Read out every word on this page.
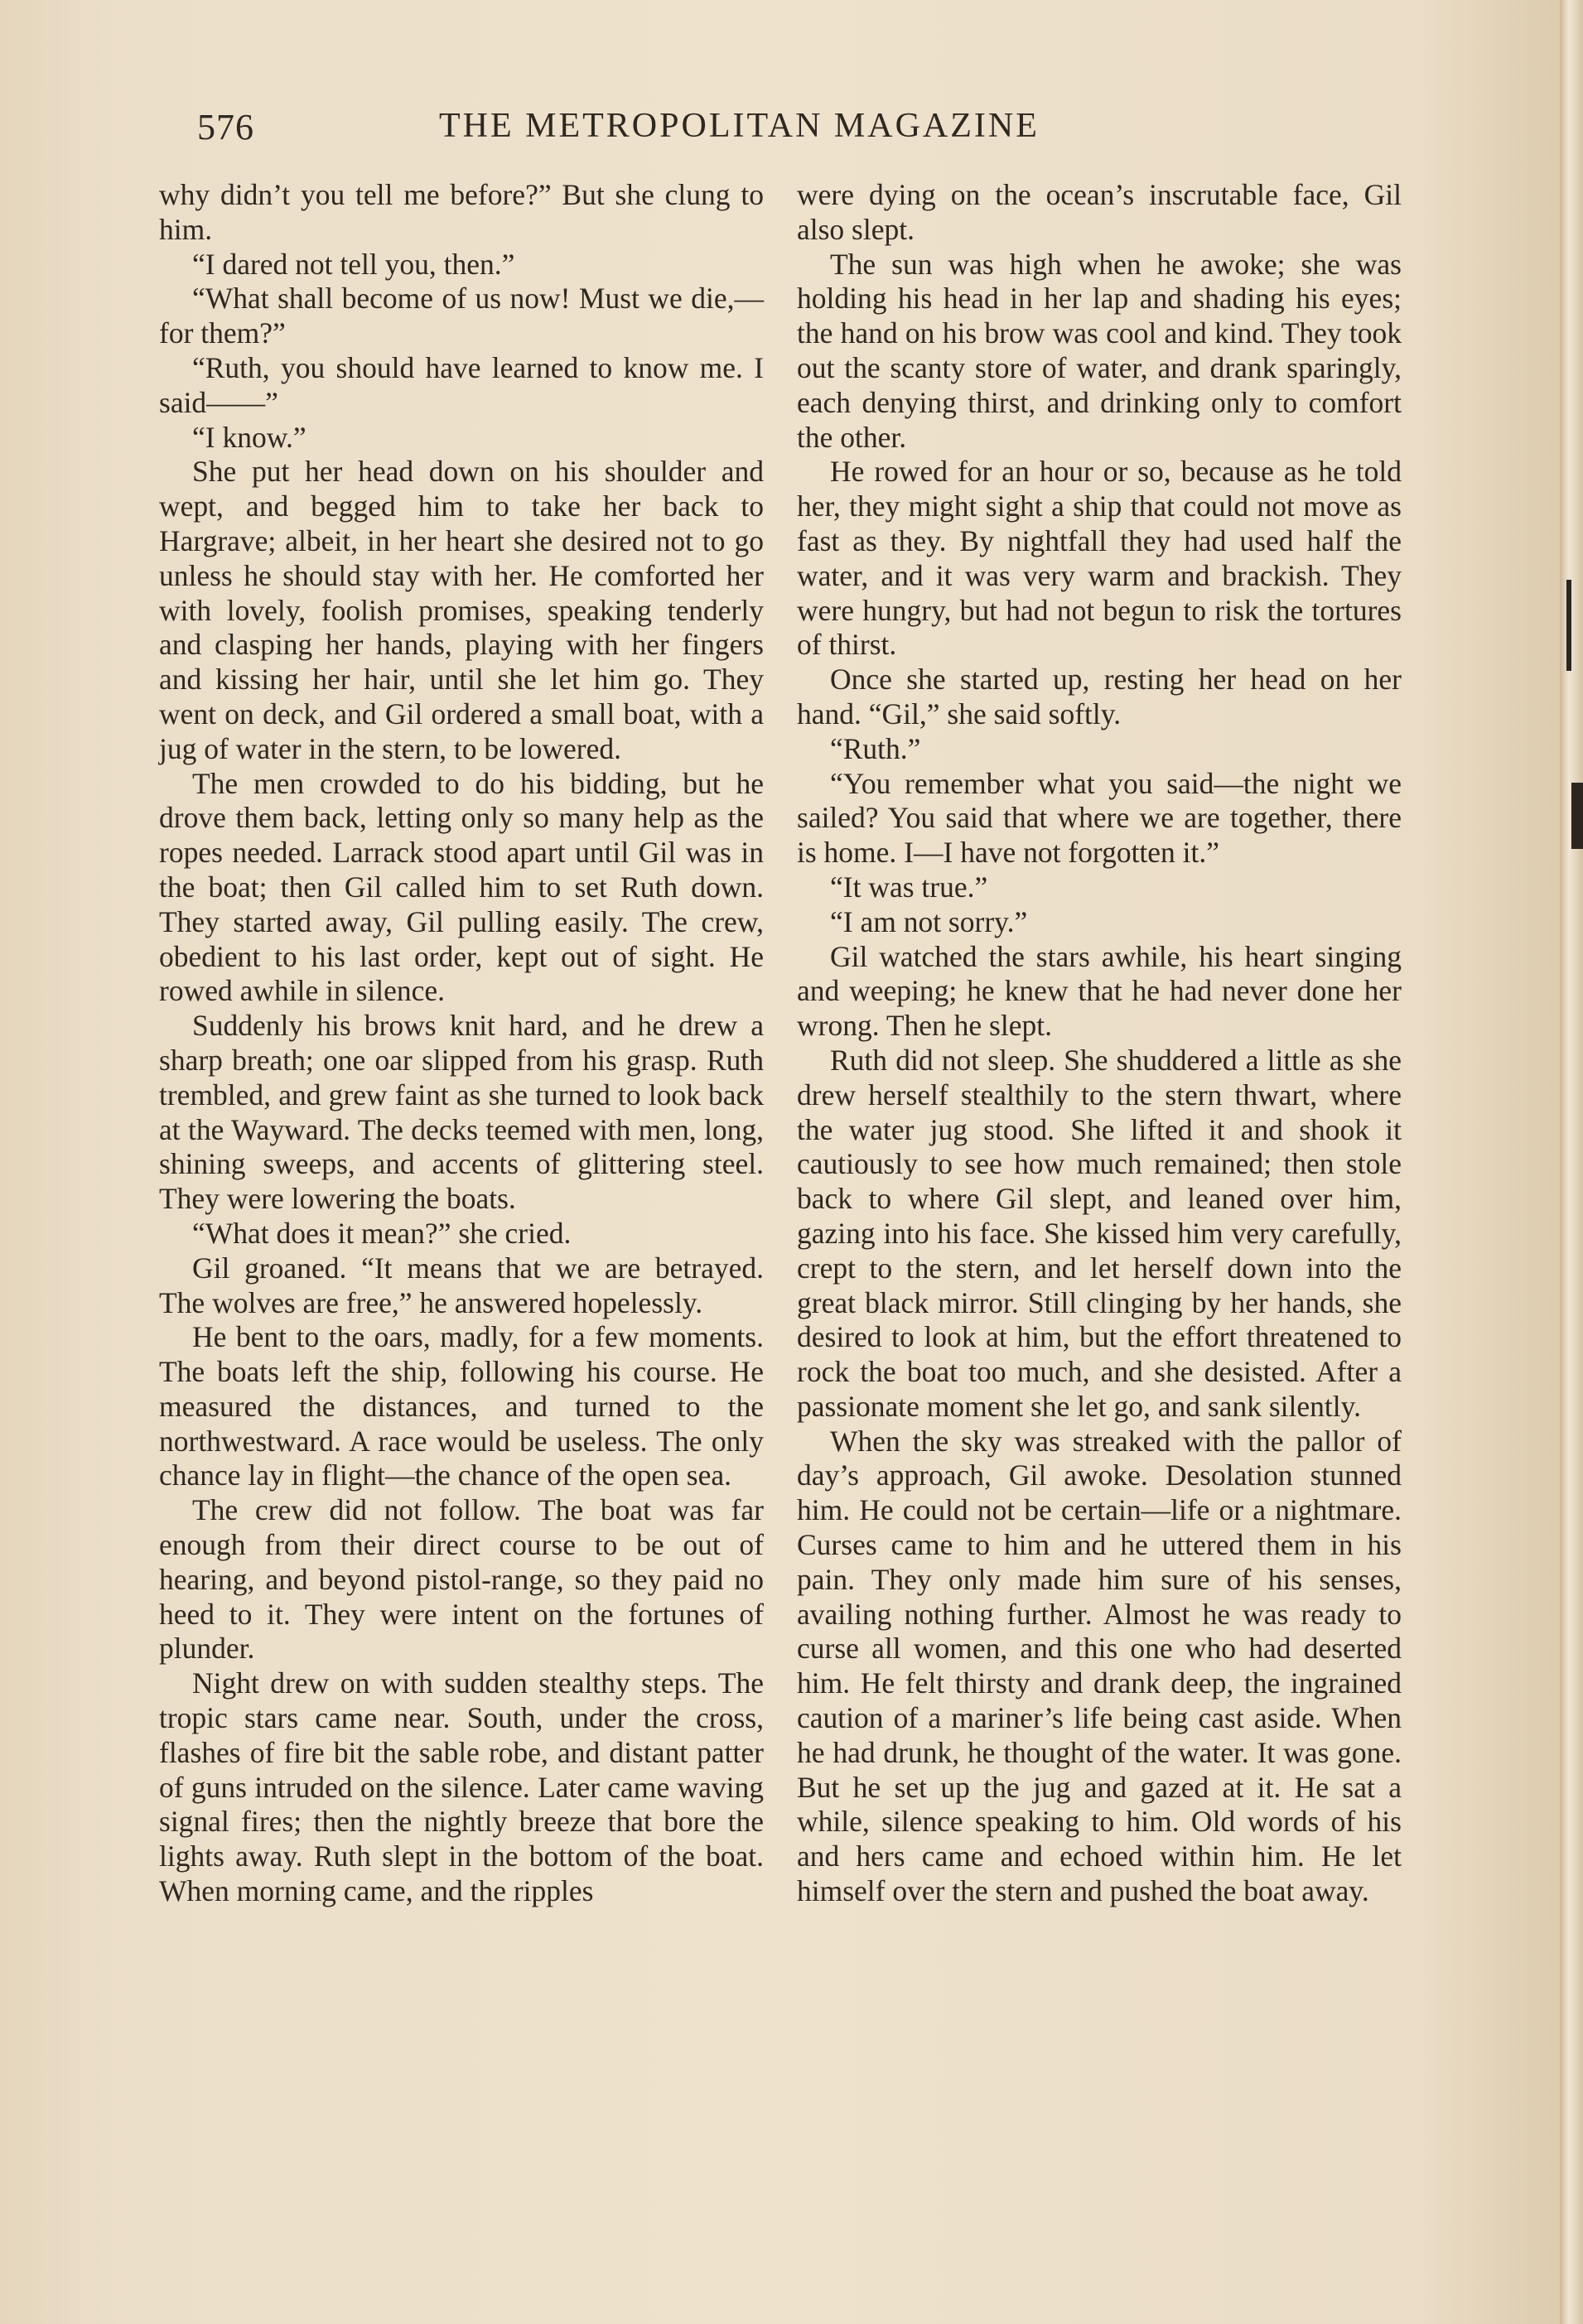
576	THE METROPOLITAN MAGAZINE

why didn’t you tell me before?” But she clung to him.

“I dared not tell you, then.”

“What shall become of us now! Must we die,—for them?”

“Ruth, you should have learned to know me. I said——”

“I know.”

She put her head down on his shoulder and wept, and begged him to take her back to Hargrave; albeit, in her heart she desired not to go unless he should stay with her. He comforted her with lovely, foolish promises, speaking tenderly and clasping her hands, playing with her fingers and kissing her hair, until she let him go. They went on deck, and Gil ordered a small boat, with a jug of water in the stern, to be lowered.

The men crowded to do his bidding, but he drove them back, letting only so many help as the ropes needed. Larrack stood apart until Gil was in the boat; then Gil called him to set Ruth down. They started away, Gil pulling easily. The crew, obedient to his last order, kept out of sight. He rowed awhile in silence.

Suddenly his brows knit hard, and he drew a sharp breath; one oar slipped from his grasp. Ruth trembled, and grew faint as she turned to look back at the Wayward. The decks teemed with men, long, shining sweeps, and accents of glittering steel. They were lowering the boats.

“What does it mean?” she cried.

Gil groaned. “It means that we are betrayed. The wolves are free,” he answered hopelessly.

He bent to the oars, madly, for a few moments. The boats left the ship, following his course. He measured the distances, and turned to the northwestward. A race would be useless. The only chance lay in flight—the chance of the open sea.

The crew did not follow. The boat was far enough from their direct course to be out of hearing, and beyond pistol-range, so they paid no heed to it. They were intent on the fortunes of plunder.

Night drew on with sudden stealthy steps. The tropic stars came near. South, under the cross, flashes of fire bit the sable robe, and distant patter of guns intruded on the silence. Later came waving signal fires; then the nightly breeze that bore the lights away. Ruth slept in the bottom of the boat. When morning came, and the ripples

were dying on the ocean’s inscrutable face, Gil also slept.

The sun was high when he awoke; she was holding his head in her lap and shading his eyes; the hand on his brow was cool and kind. They took out the scanty store of water, and drank sparingly, each denying thirst, and drinking only to comfort the other.

He rowed for an hour or so, because as he told her, they might sight a ship that could not move as fast as they. By nightfall they had used half the water, and it was very warm and brackish. They were hungry, but had not begun to risk the tortures of thirst.

Once she started up, resting her head on her hand. “Gil,” she said softly.

“Ruth.”

“You remember what you said—the night we sailed? You said that where we are together, there is home. I—I have not forgotten it.”

“It was true.”

“I am not sorry.”

Gil watched the stars awhile, his heart singing and weeping; he knew that he had never done her wrong. Then he slept.

Ruth did not sleep. She shuddered a little as she drew herself stealthily to the stern thwart, where the water jug stood. She lifted it and shook it cautiously to see how much remained; then stole back to where Gil slept, and leaned over him, gazing into his face. She kissed him very carefully, crept to the stern, and let herself down into the great black mirror. Still clinging by her hands, she desired to look at him, but the effort threatened to rock the boat too much, and she desisted. After a passionate moment she let go, and sank silently.

When the sky was streaked with the pallor of day’s approach, Gil awoke. Desolation stunned him. He could not be certain—life or a nightmare. Curses came to him and he uttered them in his pain. They only made him sure of his senses, availing nothing further. Almost he was ready to curse all women, and this one who had deserted him. He felt thirsty and drank deep, the ingrained caution of a mariner’s life being cast aside. When he had drunk, he thought of the water. It was gone. But he set up the jug and gazed at it. He sat a while, silence speaking to him. Old words of his and hers came and echoed within him. He let himself over the stern and pushed the boat away.
